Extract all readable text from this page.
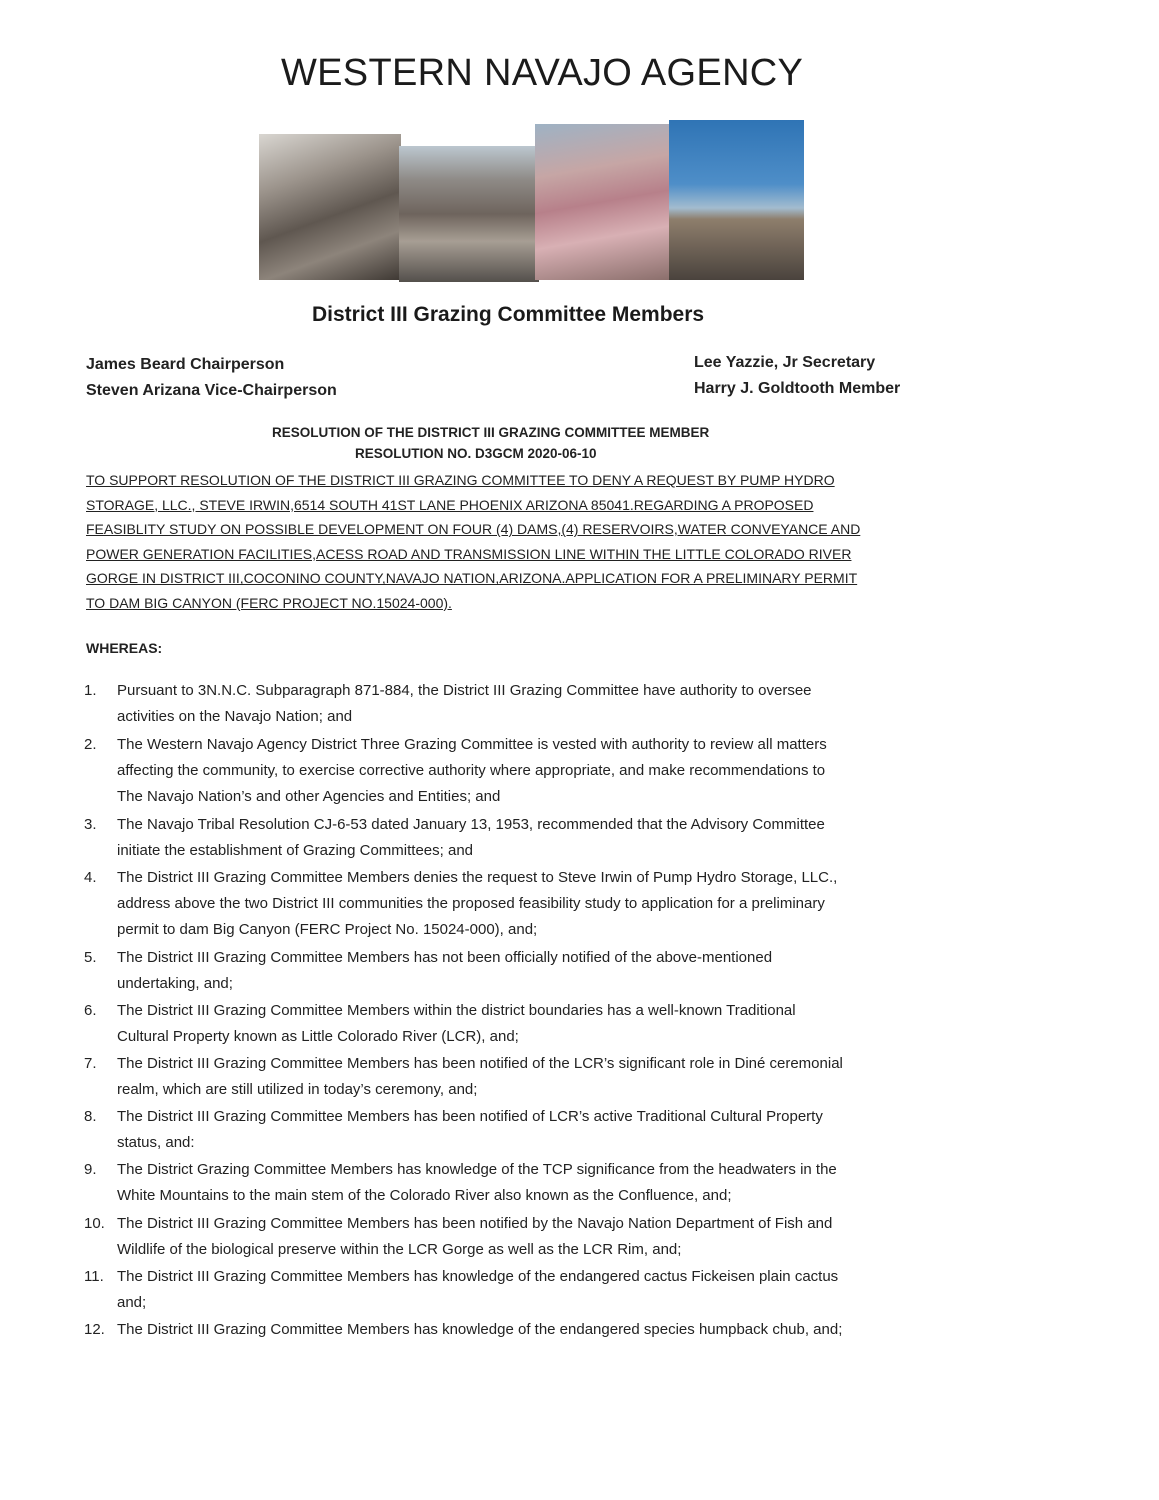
WESTERN NAVAJO AGENCY
District III Grazing Committee Members
James Beard Chairperson
Steven Arizana Vice-Chairperson
Lee Yazzie, Jr Secretary
Harry J. Goldtooth Member
RESOLUTION OF THE DISTRICT III GRAZING COMMITTEE MEMBER
RESOLUTION NO. D3GCM 2020-06-10
TO SUPPORT RESOLUTION OF THE DISTRICT III GRAZING COMMITTEE TO DENY A REQUEST BY PUMP HYDRO
STORAGE, LLC., STEVE IRWIN,6514 SOUTH 41ST LANE PHOENIX ARIZONA 85041.REGARDING A PROPOSED
FEASIBLITY STUDY ON POSSIBLE DEVELOPMENT ON FOUR (4) DAMS,(4) RESERVOIRS,WATER CONVEYANCE AND
POWER GENERATION FACILITIES,ACESS ROAD AND TRANSMISSION LINE WITHIN THE LITTLE COLORADO RIVER
GORGE IN DISTRICT III,COCONINO COUNTY,NAVAJO NATION,ARIZONA.APPLICATION FOR A PRELIMINARY PERMIT
TO DAM BIG CANYON (FERC PROJECT NO.15024-000).
WHEREAS:
1.	Pursuant to 3N.N.C. Subparagraph 871-884, the District III Grazing Committee have authority to oversee
activities on the Navajo Nation; and
2.	The Western Navajo Agency District Three Grazing Committee is vested with authority to review all matters
affecting the community, to exercise corrective authority where appropriate, and make recommendations to
The Navajo Nation’s and other Agencies and Entities; and
3.	The Navajo Tribal Resolution CJ-6-53 dated January 13, 1953, recommended that the Advisory Committee
initiate the establishment of Grazing Committees; and
4.	The District III Grazing Committee Members denies the request to Steve Irwin of Pump Hydro Storage, LLC.,
address above the two District III communities the proposed feasibility study to application for a preliminary
permit to dam Big Canyon (FERC Project No. 15024-000), and;
5.	The District III Grazing Committee Members has not been officially notified of the above-mentioned
undertaking, and;
6.	The District III Grazing Committee Members within the district boundaries has a well-known Traditional
Cultural Property known as Little Colorado River (LCR), and;
7.	The District III Grazing Committee Members has been notified of the LCR’s significant role in Diné ceremonial
realm, which are still utilized in today’s ceremony, and;
8.	The District III Grazing Committee Members has been notified of LCR’s active Traditional Cultural Property
status, and:
9.	The District Grazing Committee Members has knowledge of the TCP significance from the headwaters in the
White Mountains to the main stem of the Colorado River also known as the Confluence, and;
10. The District III Grazing Committee Members has been notified by the Navajo Nation Department of Fish and
Wildlife of the biological preserve within the LCR Gorge as well as the LCR Rim, and;
11. The District III Grazing Committee Members has knowledge of the endangered cactus Fickeisen plain cactus
and;
12. The District III Grazing Committee Members has knowledge of the endangered species humpback chub, and;
